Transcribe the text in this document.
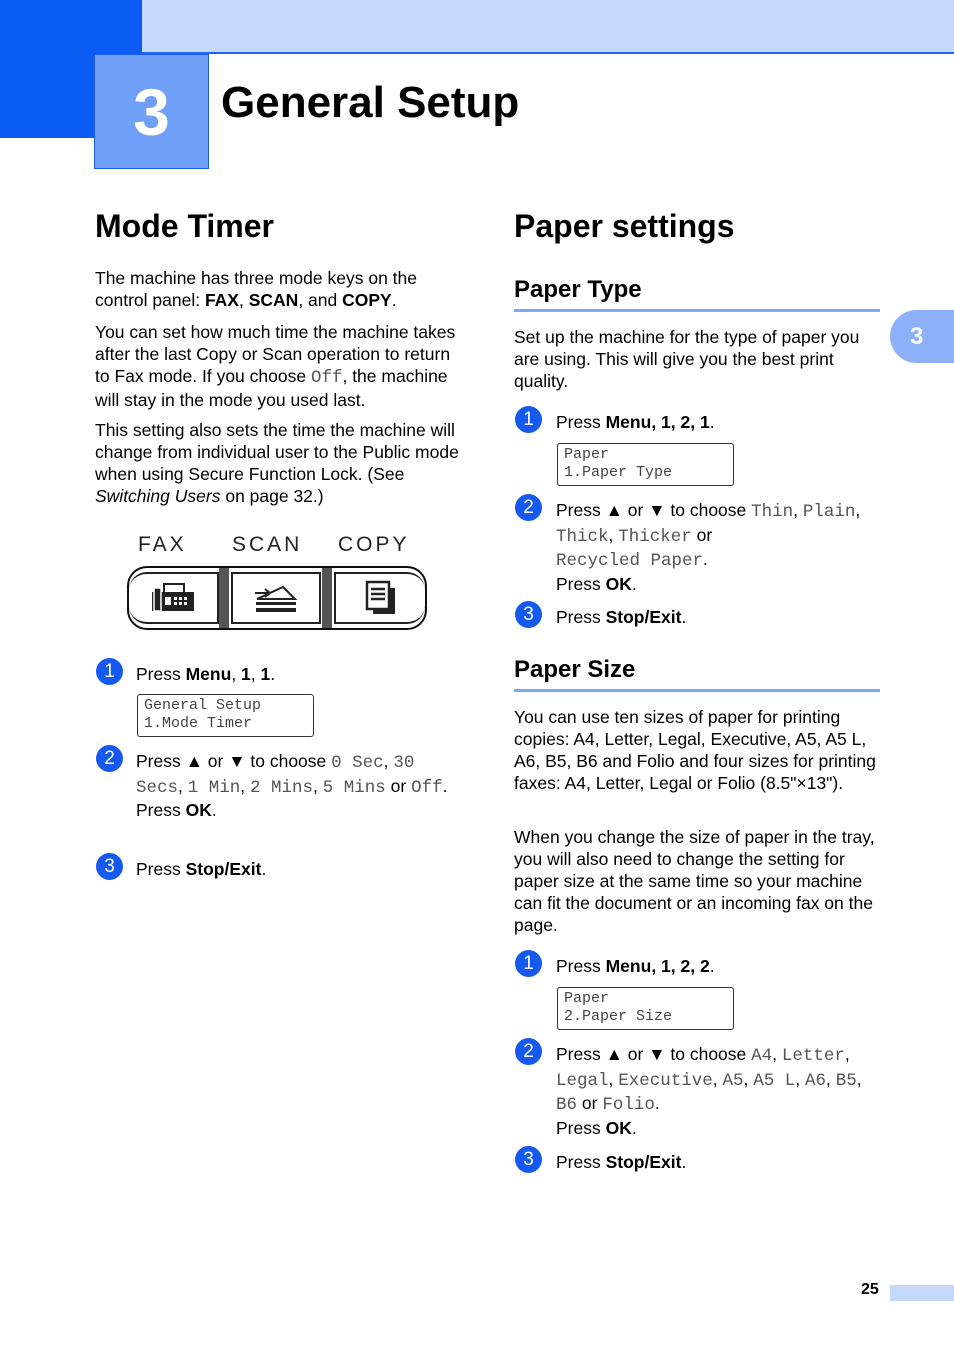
3	General Setup
3
Mode Timer

The machine has three mode keys on the control panel: FAX, SCAN, and COPY.

You can set how much time the machine takes after the last Copy or Scan operation to return to Fax mode. If you choose Off, the machine will stay in the mode you used last.

This setting also sets the time the machine will change from individual user to the Public mode when using Secure Function Lock. (See Switching Users on page 32.)

FAX SCAN COPY
1	Press Menu, 1, 1.

General Setup
1.Mode Timer
2	Press ▲ or ▼ to choose 0 Sec, 30 Secs, 1 Min, 2 Mins, 5 Mins or Off.
Press OK.

3	Press Stop/Exit.

Paper settings
Paper Type

Set up the machine for the type of paper you are using. This will give you the best print quality.

1	Press Menu, 1, 2, 1.

Paper
1.Paper Type
2	Press ▲ or ▼ to choose Thin, Plain, Thick, Thicker or
Recycled Paper.
Press OK.

3	Press Stop/Exit.

Paper Size

You can use ten sizes of paper for printing copies: A4, Letter, Legal, Executive, A5, A5 L, A6, B5, B6 and Folio and four sizes for printing faxes: A4, Letter, Legal or Folio (8.5"×13").

When you change the size of paper in the tray, you will also need to change the setting for paper size at the same time so your machine can fit the document or an incoming fax on the page.

1	Press Menu, 1, 2, 2.

Paper
2.Paper Size
2	Press ▲ or ▼ to choose A4, Letter,
Legal, Executive, A5, A5 L, A6, B5,
B6 or Folio.
Press OK.

3	Press Stop/Exit.

25
